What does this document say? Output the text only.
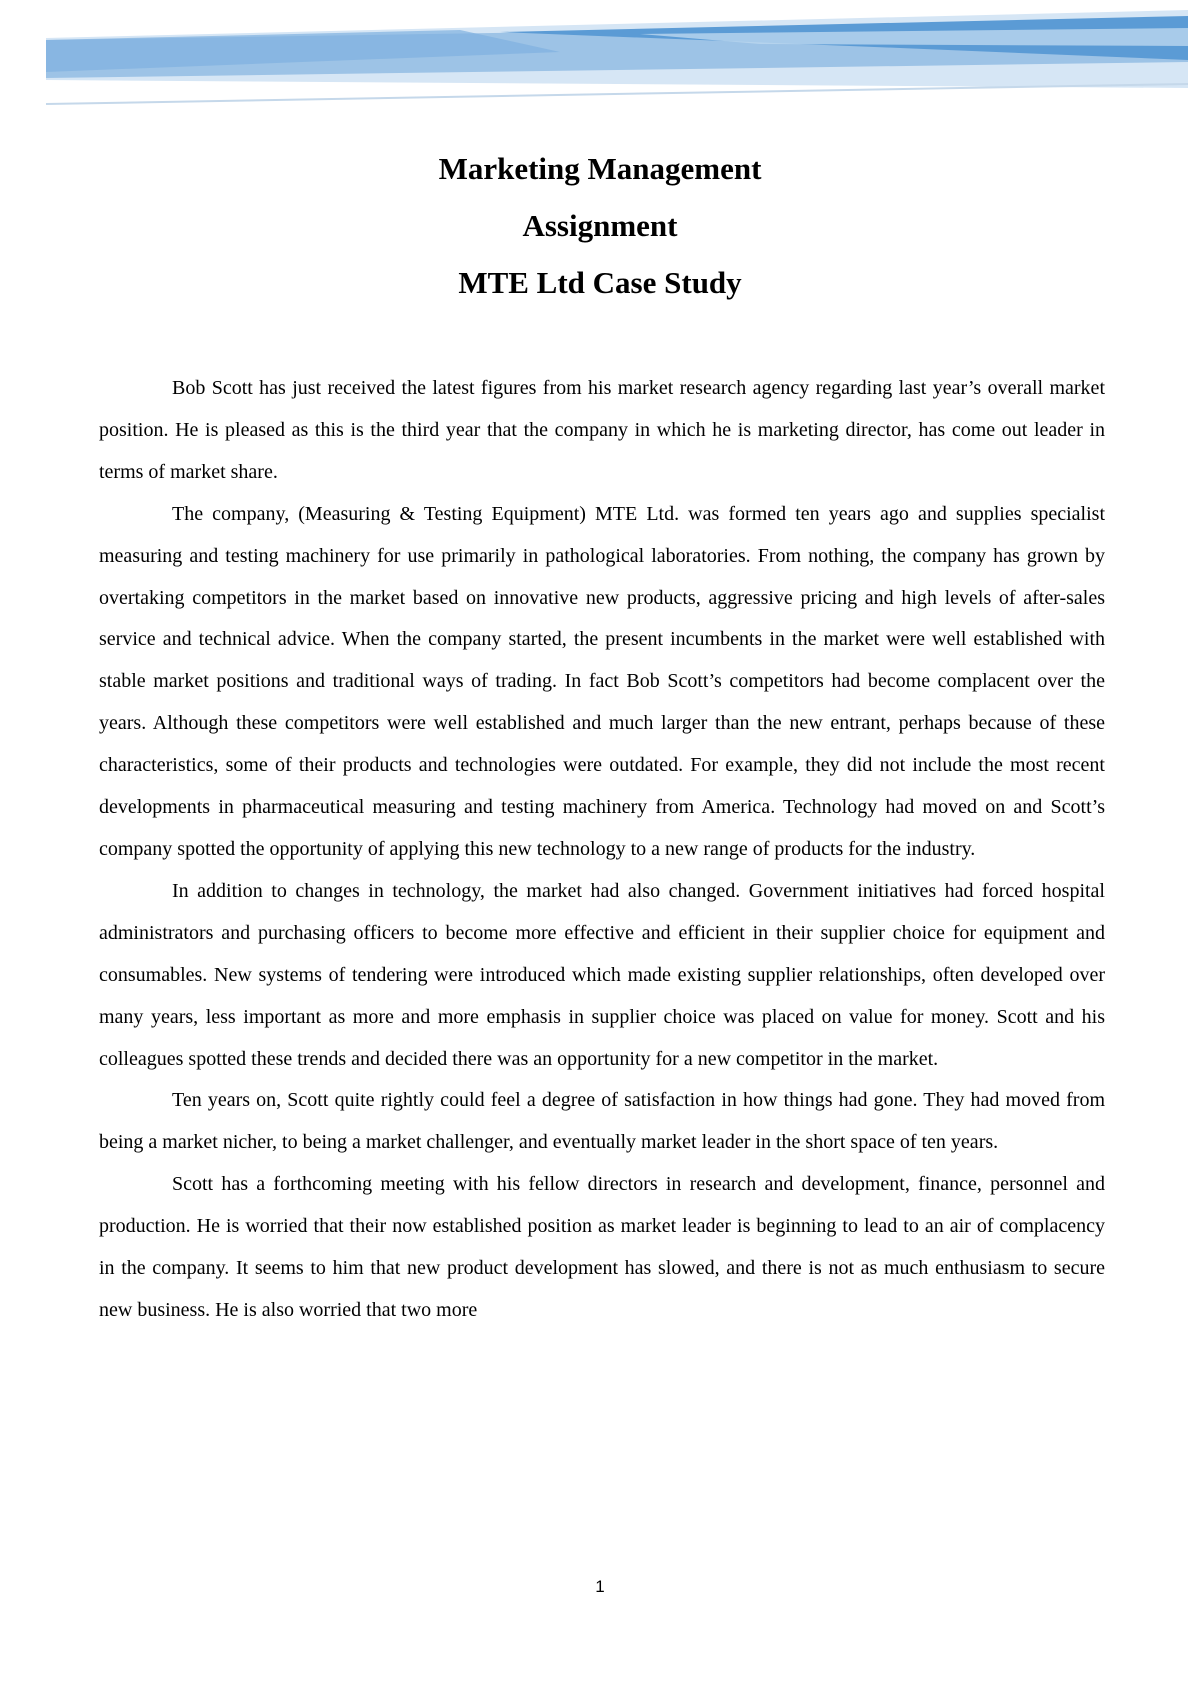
Marketing Management

Assignment

MTE Ltd Case Study

Bob Scott has just received the latest figures from his market research agency regarding last year’s overall market position. He is pleased as this is the third year that the company in which he is marketing director, has come out leader in terms of market share.

The company, (Measuring & Testing Equipment) MTE Ltd. was formed ten years ago and supplies specialist measuring and testing machinery for use primarily in pathological laboratories. From nothing, the company has grown by overtaking competitors in the market based on innovative new products, aggressive pricing and high levels of after-sales service and technical advice. When the company started, the present incumbents in the market were well established with stable market positions and traditional ways of trading. In fact Bob Scott’s competitors had become complacent over the years. Although these competitors were well established and much larger than the new entrant, perhaps because of these characteristics, some of their products and technologies were outdated. For example, they did not include the most recent developments in pharmaceutical measuring and testing machinery from America. Technology had moved on and Scott’s company spotted the opportunity of applying this new technology to a new range of products for the industry.

In addition to changes in technology, the market had also changed. Government initiatives had forced hospital administrators and purchasing officers to become more effective and efficient in their supplier choice for equipment and consumables. New systems of tendering were introduced which made existing supplier relationships, often developed over many years, less important as more and more emphasis in supplier choice was placed on value for money. Scott and his colleagues spotted these trends and decided there was an opportunity for a new competitor in the market.

Ten years on, Scott quite rightly could feel a degree of satisfaction in how things had gone. They had moved from being a market nicher, to being a market challenger, and eventually market leader in the short space of ten years.

Scott has a forthcoming meeting with his fellow directors in research and development, finance, personnel and production. He is worried that their now established position as market leader is beginning to lead to an air of complacency in the company. It seems to him that new product development has slowed, and there is not as much enthusiasm to secure new business. He is also worried that two more

1
